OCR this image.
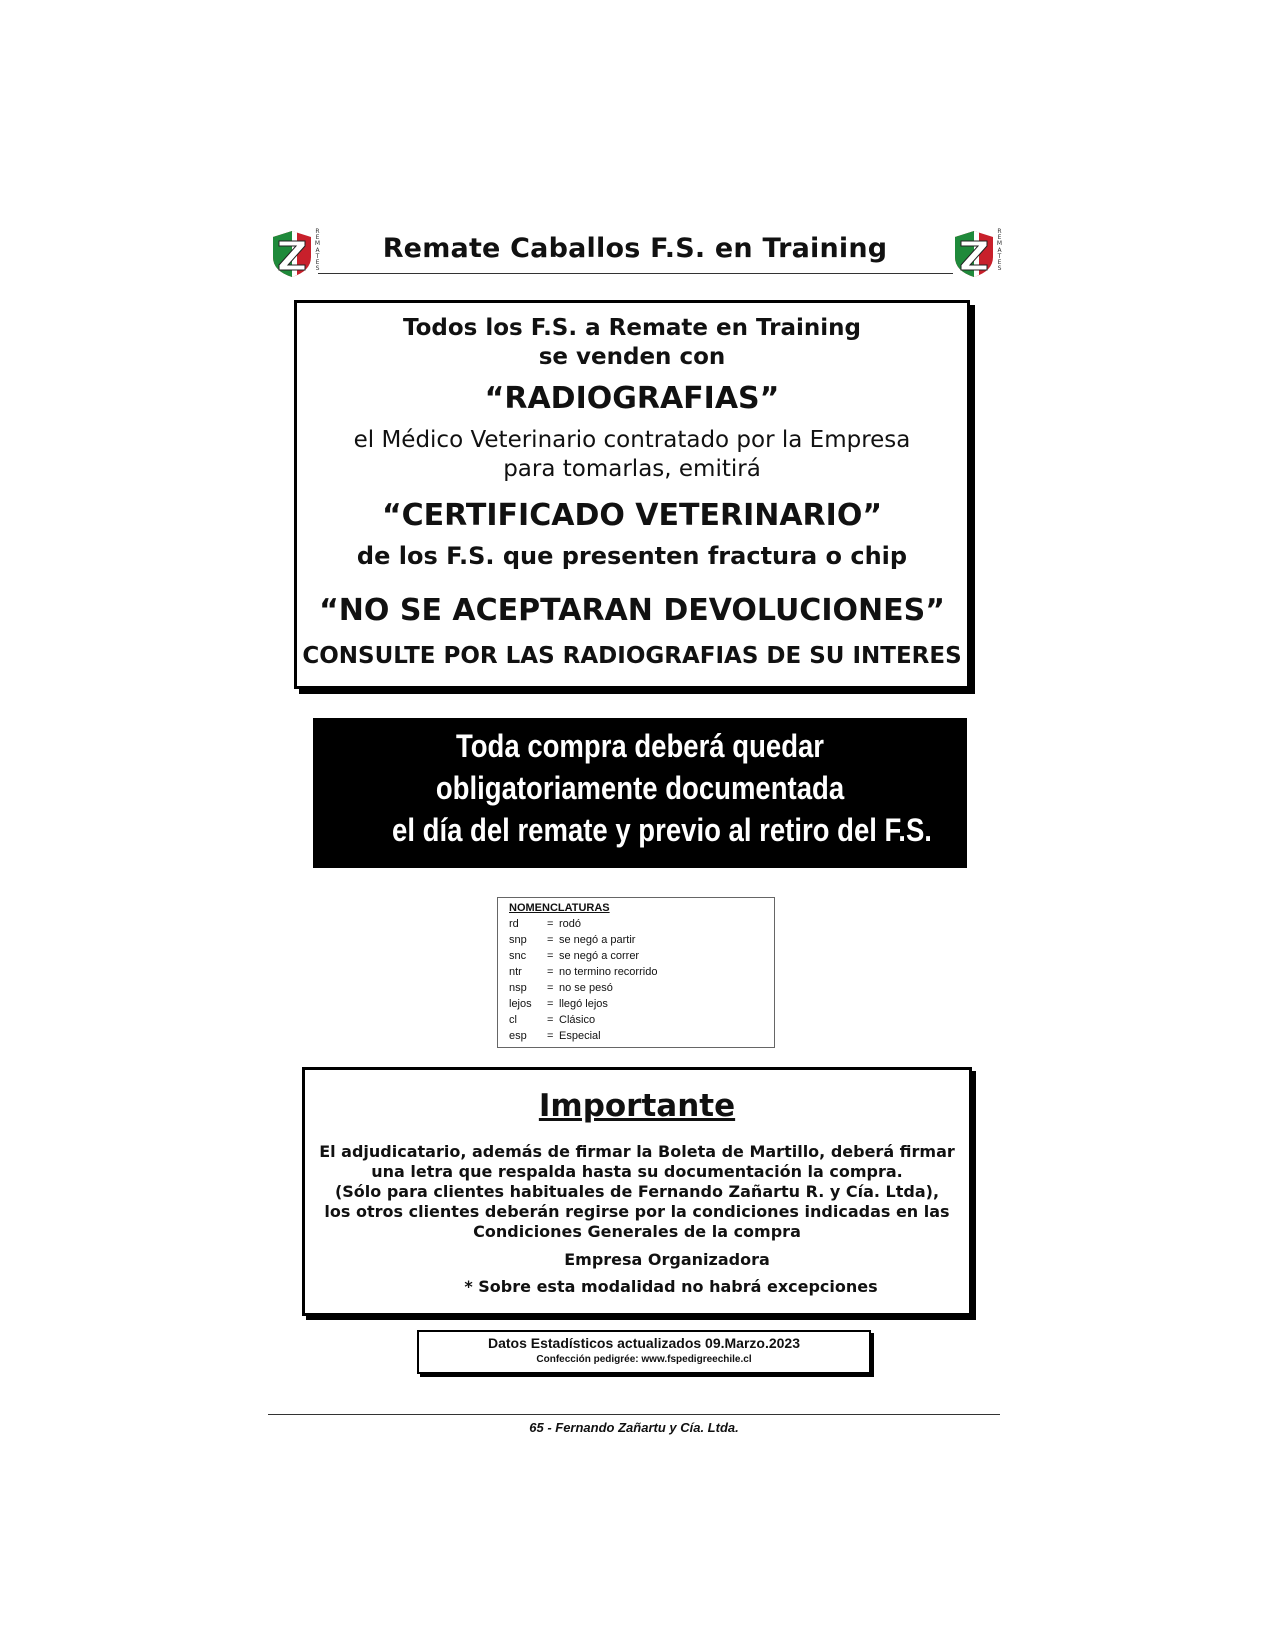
R
E
M
A
T
E
S
Remate Caballos F.S. en Training
R
E
M
A
T
E
S
Todos los F.S. a Remate en Training
se venden con
“RADIOGRAFIAS”
el Médico Veterinario contratado por la Empresa
para tomarlas, emitirá
“CERTIFICADO VETERINARIO”
de los F.S. que presenten fractura o chip
“NO SE ACEPTARAN DEVOLUCIONES”
CONSULTE POR LAS RADIOGRAFIAS DE SU INTERES
Toda compra deberá quedar
obligatoriamente documentada
el día del remate y previo al retiro del F.S.
NOMENCLATURAS
rd	= rodó
snp = se negó a partir
snc = se negó a correr
ntr = no termino recorrido
nsp = no se pesó
lejos = llegó lejos
cl	= Clásico
esp = Especial
Importante
El adjudicatario, además de firmar la Boleta de Martillo, deberá firmar
una letra que respalda hasta su documentación la compra.
(Sólo para clientes habituales de Fernando Zañartu R. y Cía. Ltda),
los otros clientes deberán regirse por la condiciones indicadas en las
Condiciones Generales de la compra
Empresa Organizadora
* Sobre esta modalidad no habrá excepciones
Datos Estadísticos actualizados 09.Marzo.2023
Confección pedigrée: www.fspedigreechile.cl
65 - Fernando Zañartu y Cía. Ltda.
